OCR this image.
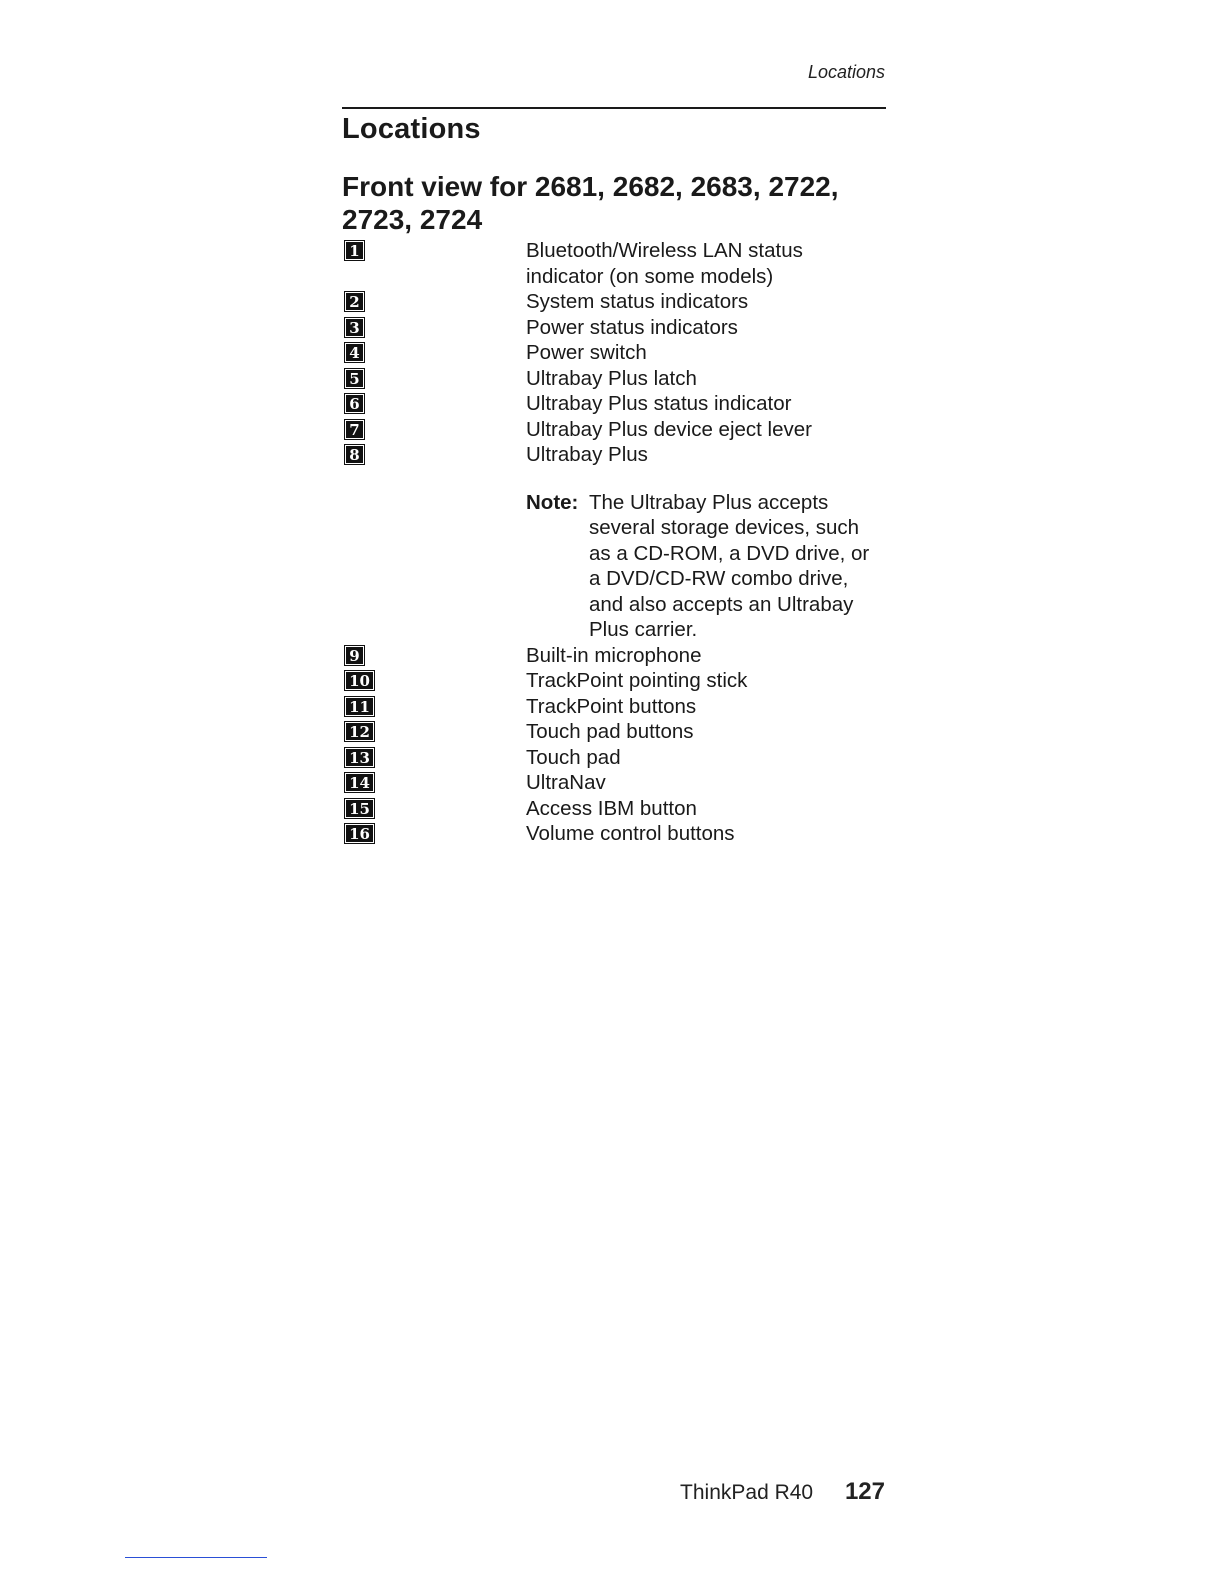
Locations
Locations
Front view for 2681, 2682, 2683, 2722, 2723, 2724
1	Bluetooth/Wireless LAN status indicator (on some models)
2	System status indicators
3	Power status indicators
4	Power switch
5	Ultrabay Plus latch
6	Ultrabay Plus status indicator
7	Ultrabay Plus device eject lever
8	Ultrabay Plus
Note: The Ultrabay Plus accepts several storage devices, such as a CD-ROM, a DVD drive, or a DVD/CD-RW combo drive, and also accepts an Ultrabay Plus carrier.
9	Built-in microphone
10	TrackPoint pointing stick
11	TrackPoint buttons
12	Touch pad buttons
13	Touch pad
14	UltraNav
15	Access IBM button
16	Volume control buttons
ThinkPad R40 127
